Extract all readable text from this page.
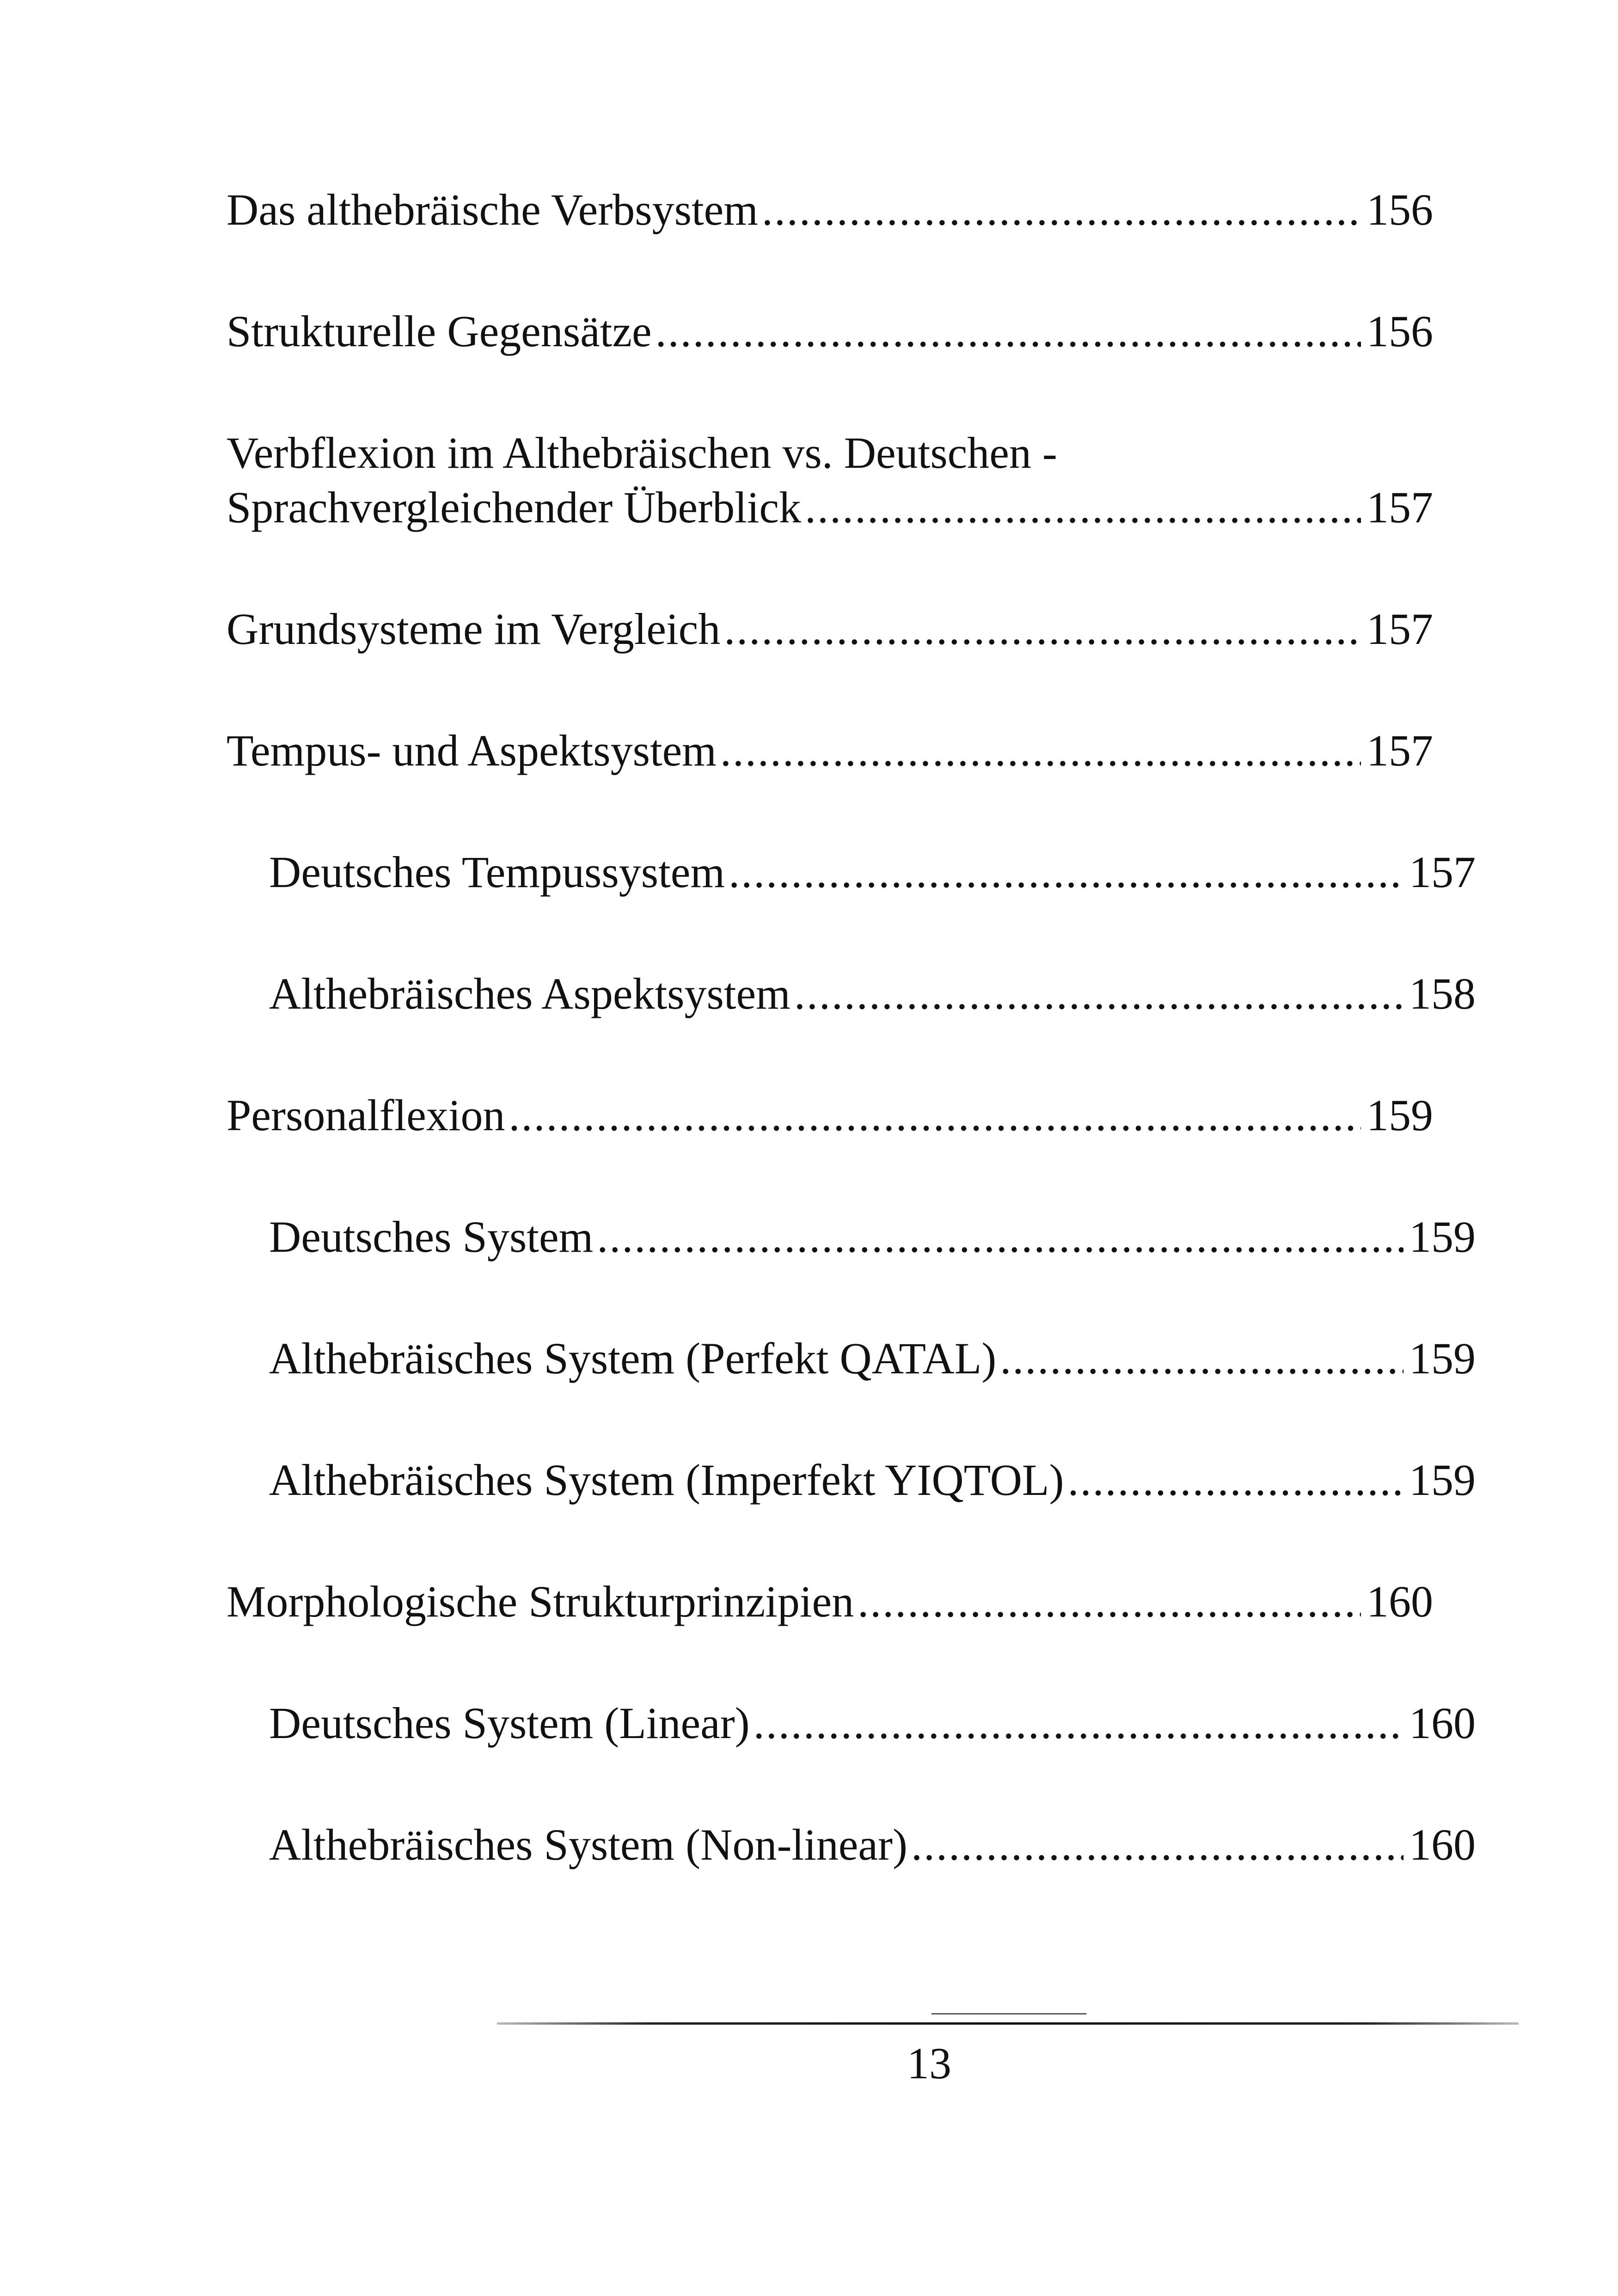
Das althebräische Verbsystem .....	156
Strukturelle Gegensätze .....	156
Verbflexion im Althebräischen vs. Deutschen -
Sprachvergleichender Überblick .....	157
Grundsysteme im Vergleich .....	157
Tempus- und Aspektsystem .....	157
Deutsches Tempussystem .....	157
Althebräisches Aspektsystem .....	158
Personalflexion .....	159
Deutsches System .....	159
Althebräisches System (Perfekt QATAL) .....	159
Althebräisches System (Imperfekt YIQTOL) .....	159
Morphologische Strukturprinzipien .....	160
Deutsches System (Linear) .....	160
Althebräisches System (Non-linear) .....	160
13
